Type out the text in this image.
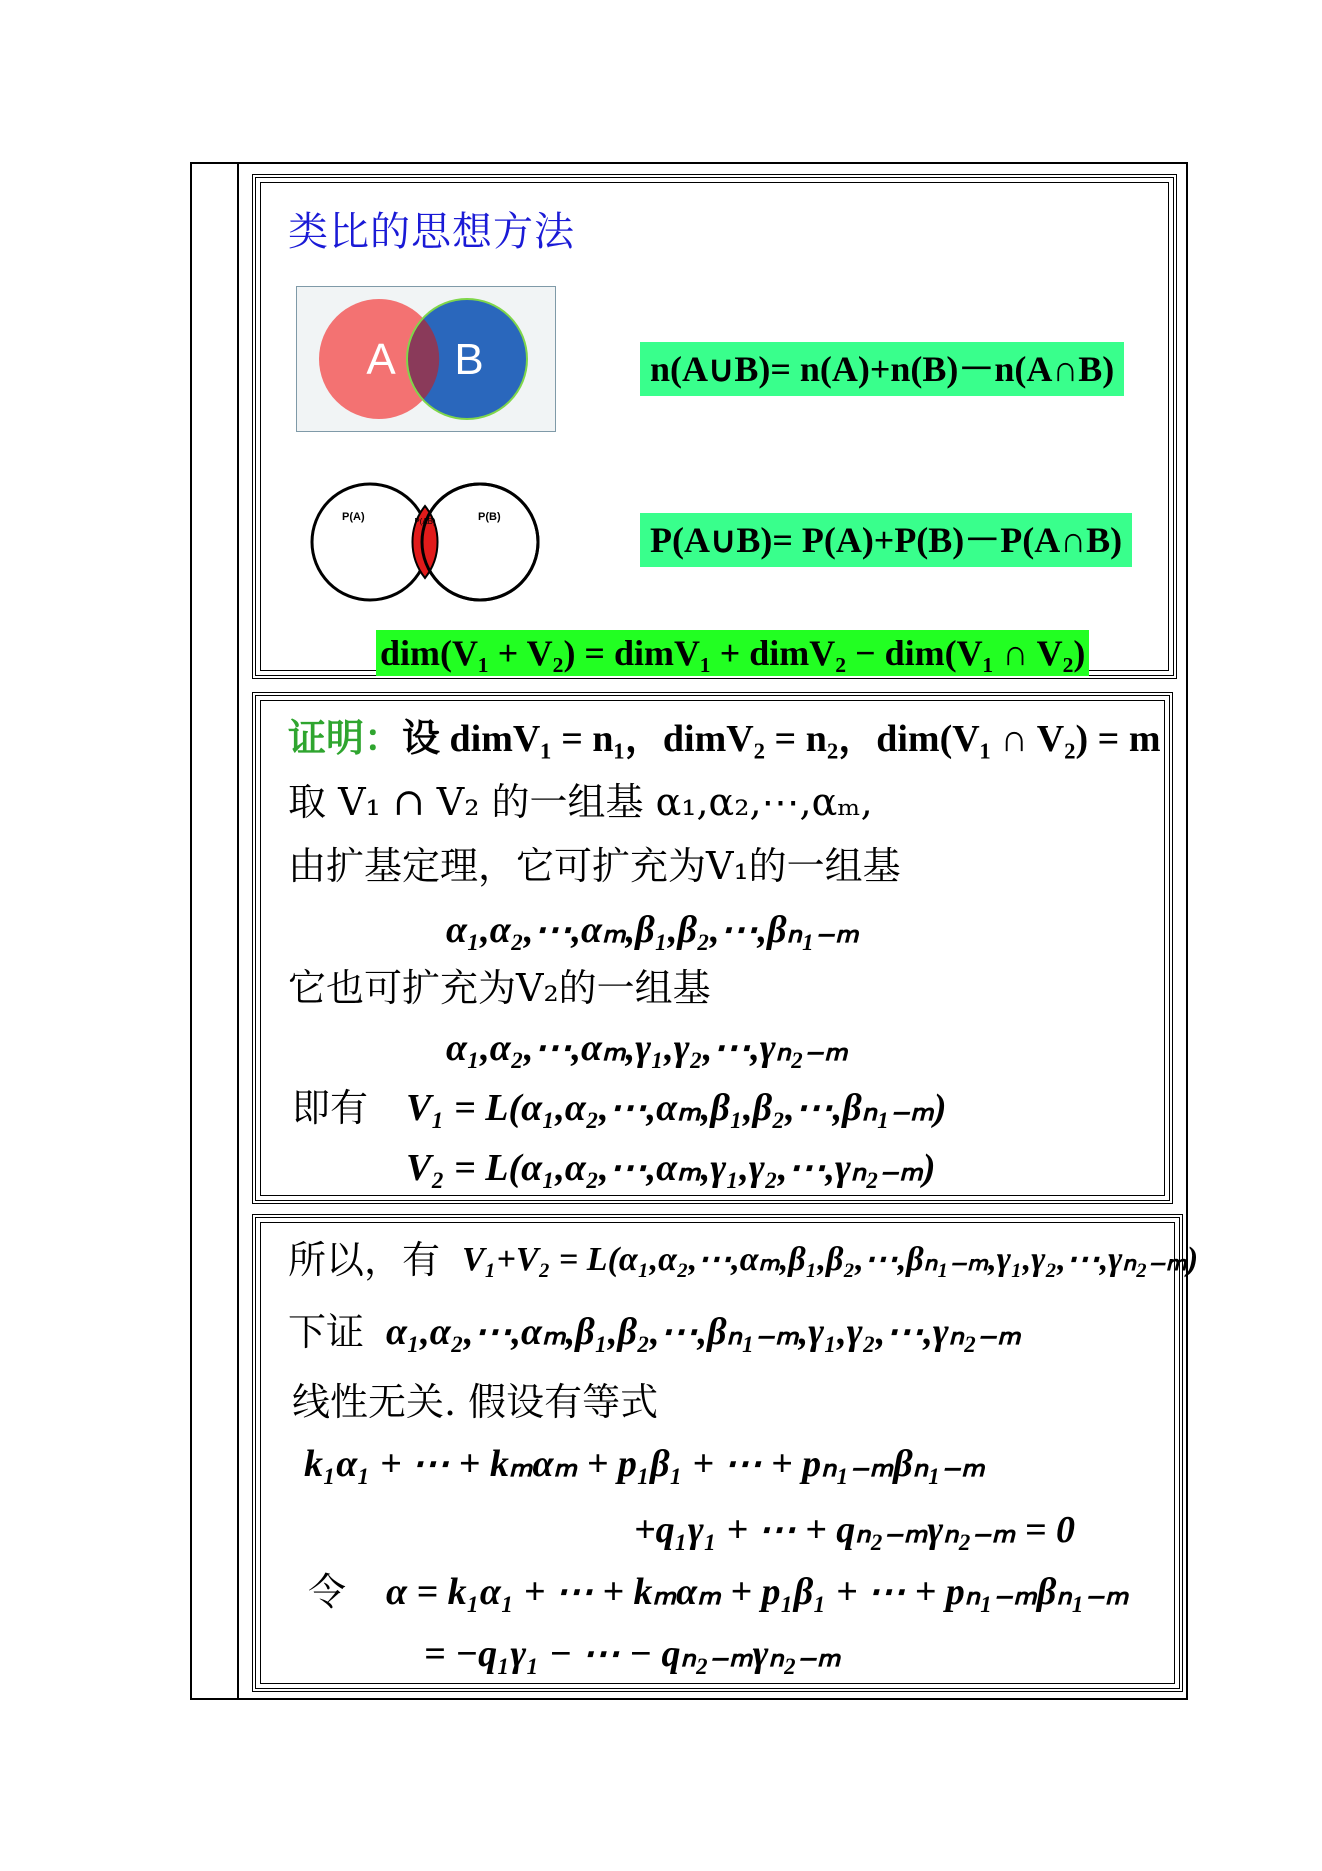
类比的思想方法
A B	n(A∪B)= n(A)+n(B)－n(A∩B)
P(A)	P(B)
P(AB)	P(A∪B)= P(A)+P(B)－P(A∩B)
dim(V₁ + V₂) = dimV₁ + dimV₂ − dim(V₁ ∩ V₂)
证明：设 dimV₁ = n₁，dimV₂ = n₂，dim(V₁ ∩ V₂) = m
取 V₁ ∩ V₂ 的一组基 α₁,α₂,⋯,αₘ,
由扩基定理，它可扩充为V₁的一组基
α₁,α₂,⋯,αₘ,β₁,β₂,⋯,βₙ₁₋ₘ
它也可扩充为V₂的一组基
α₁,α₂,⋯,αₘ,γ₁,γ₂,⋯,γₙ₂₋ₘ
即有 V₁ = L(α₁,α₂,⋯,αₘ,β₁,β₂,⋯,βₙ₁₋ₘ)
V₂ = L(α₁,α₂,⋯,αₘ,γ₁,γ₂,⋯,γₙ₂₋ₘ)
所以，有 V₁+V₂ = L(α₁,α₂,⋯,αₘ,β₁,β₂,⋯,βₙ₁₋ₘ,γ₁,γ₂,⋯,γₙ₂₋ₘ)
下证 α₁,α₂,⋯,αₘ,β₁,β₂,⋯,βₙ₁₋ₘ,γ₁,γ₂,⋯,γₙ₂₋ₘ
线性无关. 假设有等式
k₁α₁ + ⋯ + kₘαₘ + p₁β₁ + ⋯ + pₙ₁₋ₘβₙ₁₋ₘ
+q₁γ₁ + ⋯ + qₙ₂₋ₘγₙ₂₋ₘ = 0
令 α = k₁α₁ + ⋯ + kₘαₘ + p₁β₁ + ⋯ + pₙ₁₋ₘβₙ₁₋ₘ
= −q₁γ₁ − ⋯ − qₙ₂₋ₘγₙ₂₋ₘ
